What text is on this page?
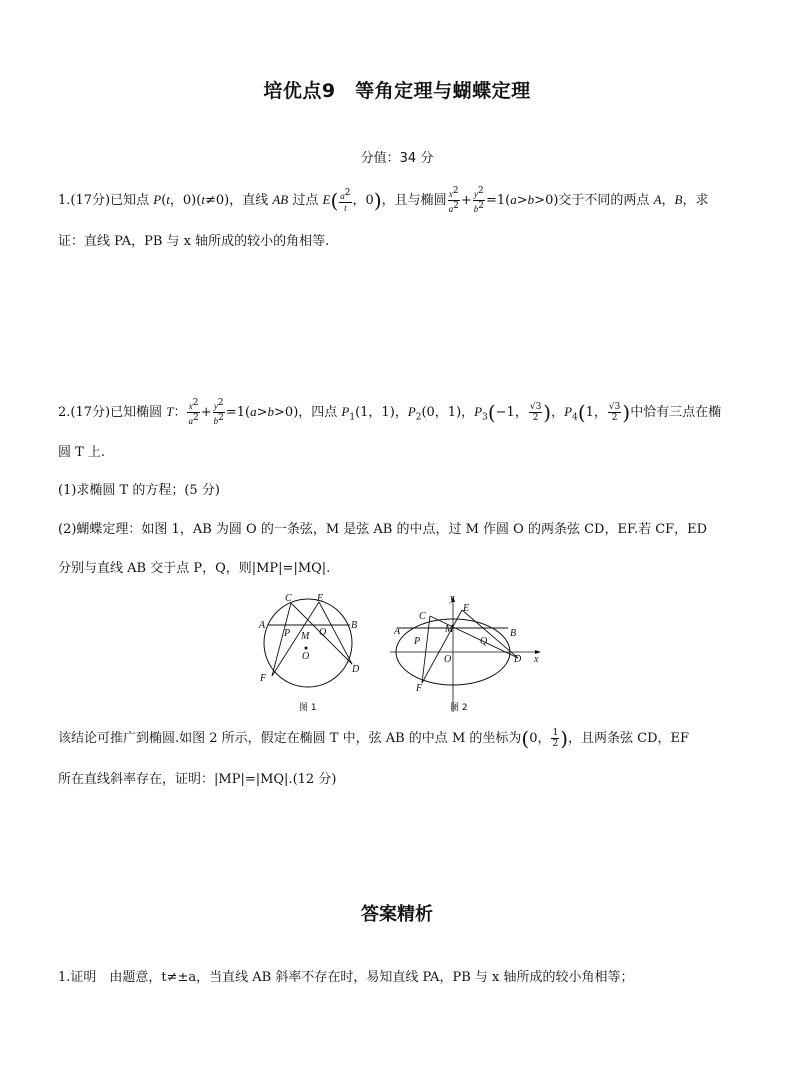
培优点9　等角定理与蝴蝶定理
分值：34 分
1.(17分)已知点 P(t，0)(t≠0)，直线 AB 过点 $E( \frac{a^2}{t}$ ，0)，且与椭圆 $\frac{x^2}{a^2} + \frac{y^2}{b^2} =1(a>b>0)$交于不同的两点 A，B，求
证：直线 PA，PB 与 x 轴所成的较小的角相等.
2.(17分)已知椭圆 T： $\frac{x^2}{a^2} + \frac{y^2}{b^2} =1(a>b>0)$，四点 $P_1(1$，1)，$P_2(0$，1)，$P_3(-1$， $\frac{√3}{2}$ )，$P_4(1$， $\frac{√3}{2}$ )中恰有三点在椭
圆 T 上.
(1)求椭圆 T 的方程；(5 分)
(2)蝴蝶定理：如图 1，AB 为圆 O 的一条弦，M 是弦 AB 的中点，过 M 作圆 O 的两条弦 CD，EF.若 CF，ED
分别与直线 AB 交于点 P，Q，则|MP|=|MQ|.
C	E
A	B
P M Q
O
F
D
图 1
y
x
C
E
A	B
P
M
Q
O	D
F
图 2
该结论可推广到椭圆.如图 2 所示，假定在椭圆 T 中，弦 AB 的中点 M 的坐标为(0， $\frac{1}{2}$ )，且两条弦 CD，EF
所在直线斜率存在，证明：|MP|=|MQ|.(12 分)
答案精析
1.证明　由题意，t≠±a，当直线 AB 斜率不存在时，易知直线 PA，PB 与 x 轴所成的较小角相等；
